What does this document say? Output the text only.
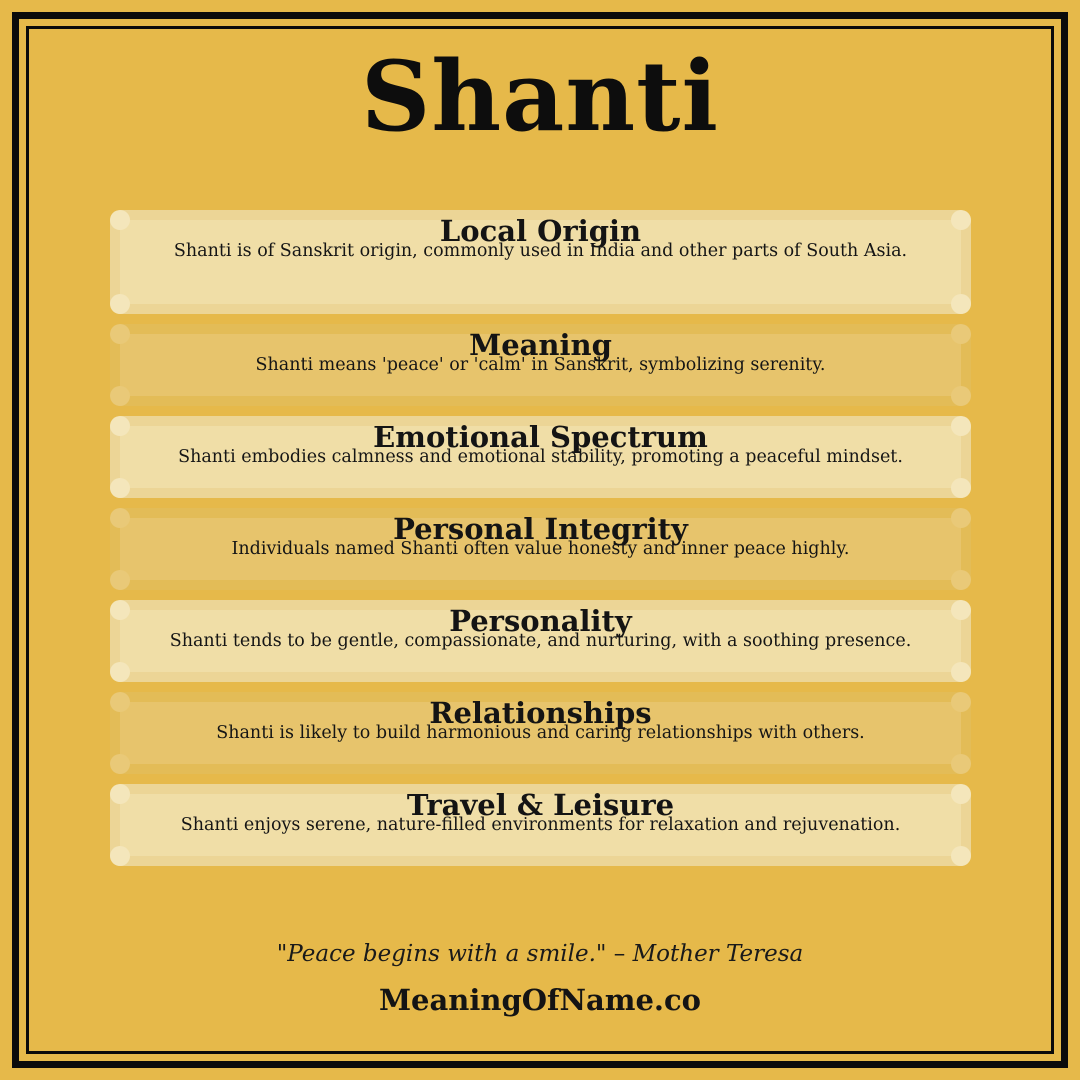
Shanti
Local Origin
Shanti is of Sanskrit origin, commonly used in India and other parts of South Asia.
Meaning
Shanti means 'peace' or 'calm' in Sanskrit, symbolizing serenity.
Emotional Spectrum
Shanti embodies calmness and emotional stability, promoting a peaceful mindset.
Personal Integrity
Individuals named Shanti often value honesty and inner peace highly.
Personality
Shanti tends to be gentle, compassionate, and nurturing, with a soothing presence.
Relationships
Shanti is likely to build harmonious and caring relationships with others.
Travel & Leisure
Shanti enjoys serene, nature-filled environments for relaxation and rejuvenation.
"Peace begins with a smile." – Mother Teresa
MeaningOfName.co
